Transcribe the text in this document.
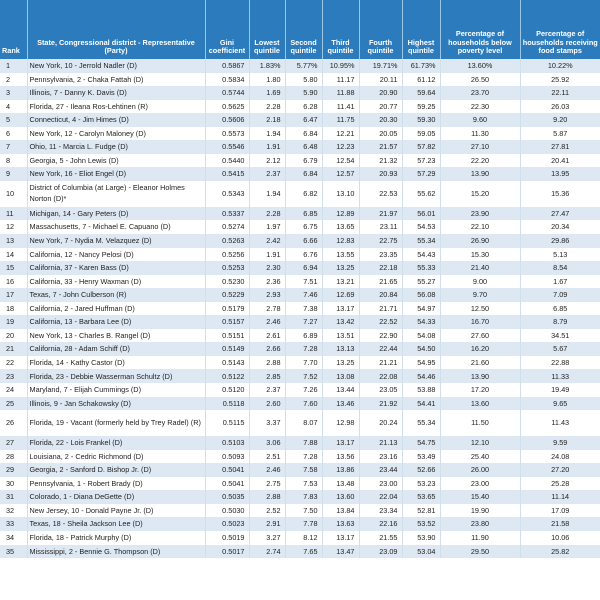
Rank	State, Congressional district - Representative (Party)	Gini coefficient	Lowest quintile	Second quintile	Third quintile	Fourth quintile	Highest quintile	Percentage of households below poverty level	Percentage of households receiving food stamps
1	New York, 10 - Jerrold Nadler (D)	0.5867	1.83%	5.77%	10.95%	19.71%	61.73%	13.60%	10.22%
2	Pennsylvania, 2 - Chaka Fattah (D)	0.5834	1.80	5.80	11.17	20.11	61.12	26.50	25.92
3	Illinois, 7 - Danny K. Davis (D)	0.5744	1.69	5.90	11.88	20.90	59.64	23.70	22.11
4	Florida, 27 - Ileana Ros-Lehtinen (R)	0.5625	2.28	6.28	11.41	20.77	59.25	22.30	26.03
5	Connecticut, 4 - Jim Himes (D)	0.5606	2.18	6.47	11.75	20.30	59.30	9.60	9.20
6	New York, 12 - Carolyn Maloney (D)	0.5573	1.94	6.84	12.21	20.05	59.05	11.30	5.87
7	Ohio, 11 - Marcia L. Fudge (D)	0.5546	1.91	6.48	12.23	21.57	57.82	27.10	27.81
8	Georgia, 5 - John Lewis (D)	0.5440	2.12	6.79	12.54	21.32	57.23	22.20	20.41
9	New York, 16 - Eliot Engel (D)	0.5415	2.37	6.84	12.57	20.93	57.29	13.90	13.95
10	District of Columbia (at Large) - Eleanor Holmes Norton (D)*	0.5343	1.94	6.82	13.10	22.53	55.62	15.20	15.36
11	Michigan, 14 - Gary Peters (D)	0.5337	2.28	6.85	12.89	21.97	56.01	23.90	27.47
12	Massachusetts, 7 - Michael E. Capuano (D)	0.5274	1.97	6.75	13.65	23.11	54.53	22.10	20.34
13	New York, 7 - Nydia M. Velazquez (D)	0.5263	2.42	6.66	12.83	22.75	55.34	26.90	29.86
14	California, 12 - Nancy Pelosi (D)	0.5256	1.91	6.76	13.55	23.35	54.43	15.30	5.13
15	California, 37 - Karen Bass (D)	0.5253	2.30	6.94	13.25	22.18	55.33	21.40	8.54
16	California, 33 - Henry Waxman (D)	0.5230	2.36	7.51	13.21	21.65	55.27	9.00	1.67
17	Texas, 7 - John Culberson (R)	0.5229	2.93	7.46	12.69	20.84	56.08	9.70	7.09
18	California, 2 - Jared Huffman (D)	0.5179	2.78	7.38	13.17	21.71	54.97	12.50	6.85
19	California, 13 - Barbara Lee (D)	0.5157	2.46	7.27	13.42	22.52	54.33	16.70	8.79
20	New York, 13 - Charles B. Rangel (D)	0.5151	2.61	6.89	13.51	22.90	54.08	27.60	34.51
21	California, 28 - Adam Schiff (D)	0.5149	2.66	7.28	13.13	22.44	54.50	16.20	5.67
22	Florida, 14 - Kathy Castor (D)	0.5143	2.88	7.70	13.25	21.21	54.95	21.60	22.88
23	Florida, 23 - Debbie Wasserman Schultz (D)	0.5122	2.85	7.52	13.08	22.08	54.46	13.90	11.33
24	Maryland, 7 - Elijah Cummings (D)	0.5120	2.37	7.26	13.44	23.05	53.88	17.20	19.49
25	Illinois, 9 - Jan Schakowsky (D)	0.5118	2.60	7.60	13.46	21.92	54.41	13.60	9.65
26	Florida, 19 - Vacant (formerly held by Trey Radel) (R)	0.5115	3.37	8.07	12.98	20.24	55.34	11.50	11.43
27	Florida, 22 - Lois Frankel (D)	0.5103	3.06	7.88	13.17	21.13	54.75	12.10	9.59
28	Louisiana, 2 - Cedric Richmond (D)	0.5093	2.51	7.28	13.56	23.16	53.49	25.40	24.08
29	Georgia, 2 - Sanford D. Bishop Jr. (D)	0.5041	2.46	7.58	13.86	23.44	52.66	26.00	27.20
30	Pennsylvania, 1 - Robert Brady (D)	0.5041	2.75	7.53	13.48	23.00	53.23	23.00	25.28
31	Colorado, 1 - Diana DeGette (D)	0.5035	2.88	7.83	13.60	22.04	53.65	15.40	11.14
32	New Jersey, 10 - Donald Payne Jr. (D)	0.5030	2.52	7.50	13.84	23.34	52.81	19.90	17.09
33	Texas, 18 - Sheila Jackson Lee (D)	0.5023	2.91	7.78	13.63	22.16	53.52	23.80	21.58
34	Florida, 18 - Patrick Murphy (D)	0.5019	3.27	8.12	13.17	21.55	53.90	11.90	10.06
35	Mississippi, 2 - Bennie G. Thompson (D)	0.5017	2.74	7.65	13.47	23.09	53.04	29.50	25.82
